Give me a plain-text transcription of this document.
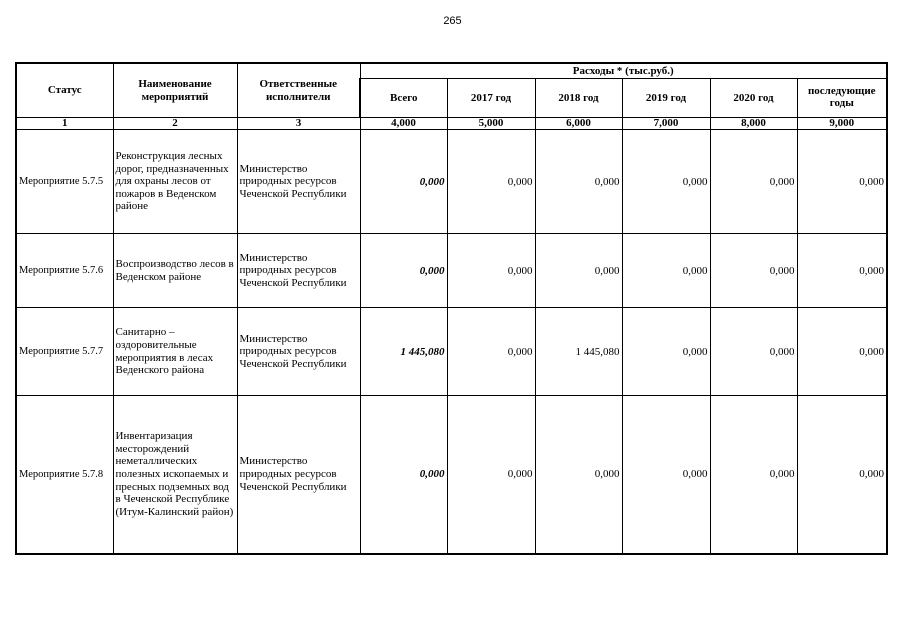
265
Статус	Наименование мероприятий	Ответственные исполнители	Расходы * (тыс.руб.)					
			Всего	2017 год	2018 год	2019 год	2020 год	последующие годы

1	2	3	4,000	5,000	6,000	7,000	8,000	9,000
Мероприятие 5.7.5	Реконструкция лесных дорог, предназначенных для охраны лесов от пожаров в Веденском районе	Министерство природных ресурсов Чеченской Республики	0,000	0,000	0,000	0,000	0,000	0,000
Мероприятие 5.7.6	Воспроизводство лесов в Веденском районе	Министерство природных ресурсов Чеченской Республики	0,000	0,000	0,000	0,000	0,000	0,000
Мероприятие 5.7.7	Санитарно – оздоровительные мероприятия в лесах Веденского района	Министерство природных ресурсов Чеченской Республики	1 445,080	0,000	1 445,080	0,000	0,000	0,000
Мероприятие 5.7.8	Инвентаризация месторождений неметаллических полезных ископаемых и пресных подземных вод в Чеченской Республике (Итум-Калинский район)	Министерство природных ресурсов Чеченской Республики	0,000	0,000	0,000	0,000	0,000	0,000
